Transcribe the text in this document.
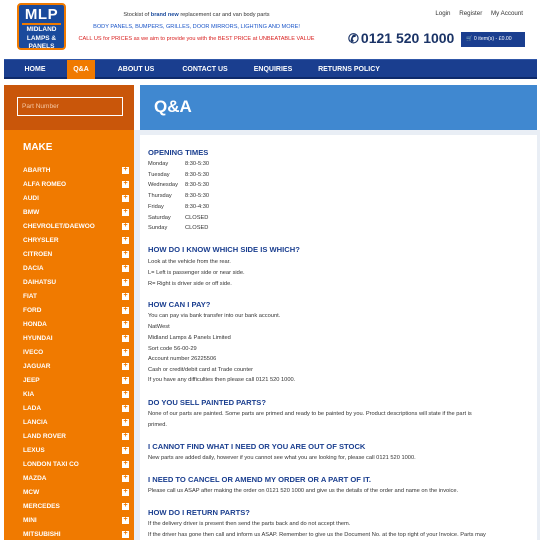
MLP
MIDLAND
LAMPS &
PANELS
Stockist of brand new replacement car and van body parts
BODY PANELS, BUMPERS, GRILLES, DOOR MIRRORS, LIGHTING AND MORE!
CALL US for PRICES as we aim to provide you with the BEST PRICE at UNBEATABLE VALUE
Login Register My Account
✆ 0121 520 1000	🛒 0 item(s) - £0.00
HOME	Q&A	ABOUT US	CONTACT US	ENQUIRIES	RETURNS POLICY
Part Number
MAKE
ABARTH	+
ALFA ROMEO	+
AUDI	+
BMW	+
CHEVROLET/DAEWOO	+
CHRYSLER	+
CITROEN	+
DACIA	+
DAIHATSU	+
FIAT	+
FORD	+
HONDA	+
HYUNDAI	+
IVECO	+
JAGUAR	+
JEEP	+
KIA	+
LADA	+
LANCIA	+
LAND ROVER	+
LEXUS	+
LONDON TAXI CO	+
MAZDA	+
MCW	+
MERCEDES	+
MINI	+
MITSUBISHI	+
Q&A
OPENING TIMES
Monday	8:30-5:30
Tuesday	8:30-5:30
Wednesday 8:30-5:30
Thursday 8:30-5:30
Friday	8:30-4:30
Saturday CLOSED
Sunday	CLOSED
HOW DO I KNOW WHICH SIDE IS WHICH?
Look at the vehicle from the rear.
L= Left is passenger side or near side.
R= Right is driver side or off side.
HOW CAN I PAY?
You can pay via bank transfer into our bank account.
NatWest
Midland Lamps & Panels Limited
Sort code 56-00-29
Account number 26225506
Cash or credit/debit card at Trade counter
If you have any difficulties then please call 0121 520 1000.
DO YOU SELL PAINTED PARTS?
None of our parts are painted. Some parts are primed and ready to be painted by you. Product descriptions will state if the part is
primed.
I CANNOT FIND WHAT I NEED OR YOU ARE OUT OF STOCK
New parts are added daily, however if you cannot see what you are looking for, please call 0121 520 1000.
I NEED TO CANCEL OR AMEND MY ORDER OR A PART OF IT.
Please call us ASAP after making the order on 0121 520 1000 and give us the details of the order and name on the invoice.
HOW DO I RETURN PARTS?
If the delivery driver is present then send the parts back and do not accept them.
If the driver has gone then call and inform us ASAP. Remember to give us the Document No. at the top right of your Invoice. Parts may
